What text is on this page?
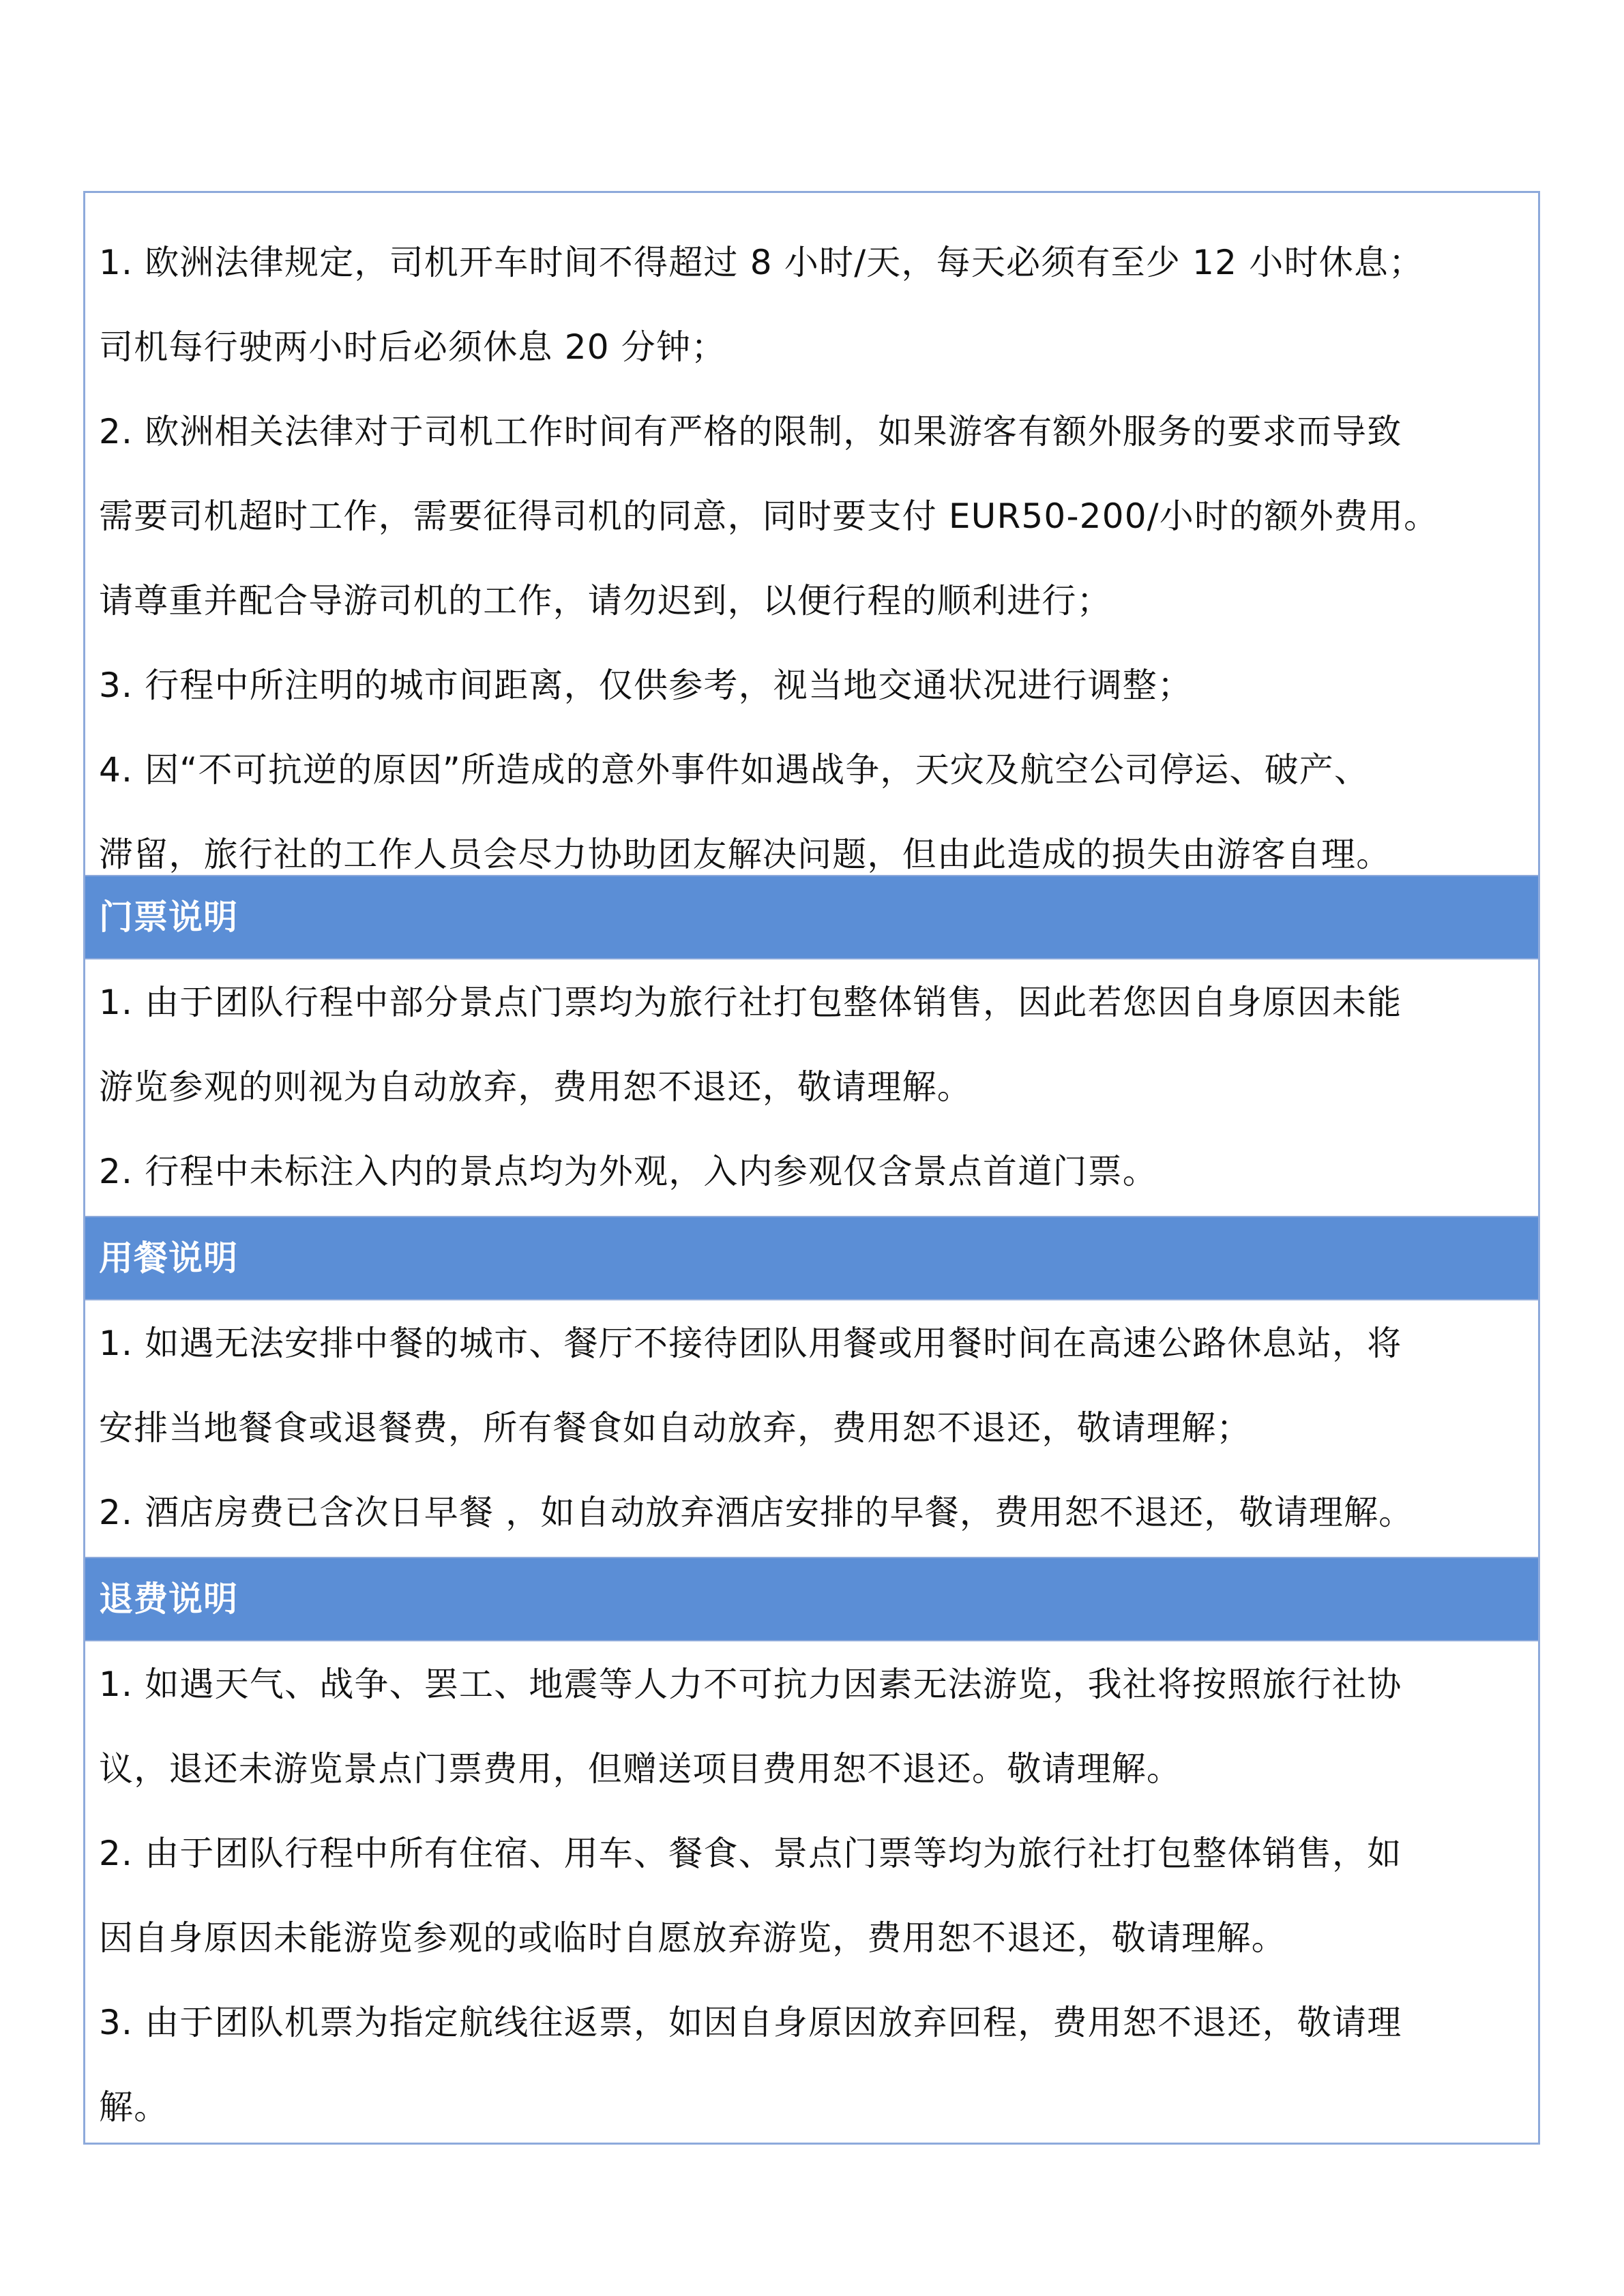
1. 欧洲法律规定，司机开车时间不得超过 8 小时/天，每天必须有至少 12 小时休息；
司机每行驶两小时后必须休息 20 分钟；
2. 欧洲相关法律对于司机工作时间有严格的限制，如果游客有额外服务的要求而导致
需要司机超时工作，需要征得司机的同意，同时要支付 EUR50-200/小时的额外费用。
请尊重并配合导游司机的工作，请勿迟到，以便行程的顺利进行；
3. 行程中所注明的城市间距离，仅供参考，视当地交通状况进行调整；
4. 因“不可抗逆的原因”所造成的意外事件如遇战争，天灾及航空公司停运、破产、
滞留，旅行社的工作人员会尽力协助团友解决问题，但由此造成的损失由游客自理。
门票说明
1. 由于团队行程中部分景点门票均为旅行社打包整体销售，因此若您因自身原因未能
游览参观的则视为自动放弃，费用恕不退还，敬请理解。
2. 行程中未标注入内的景点均为外观，入内参观仅含景点首道门票。
用餐说明
1. 如遇无法安排中餐的城市、餐厅不接待团队用餐或用餐时间在高速公路休息站，将
安排当地餐食或退餐费，所有餐食如自动放弃，费用恕不退还，敬请理解；
2. 酒店房费已含次日早餐 ，如自动放弃酒店安排的早餐，费用恕不退还，敬请理解。
退费说明
1. 如遇天气、战争、罢工、地震等人力不可抗力因素无法游览，我社将按照旅行社协
议，退还未游览景点门票费用，但赠送项目费用恕不退还。敬请理解。
2. 由于团队行程中所有住宿、用车、餐食、景点门票等均为旅行社打包整体销售，如
因自身原因未能游览参观的或临时自愿放弃游览，费用恕不退还，敬请理解。
3. 由于团队机票为指定航线往返票，如因自身原因放弃回程，费用恕不退还，敬请理
解。
